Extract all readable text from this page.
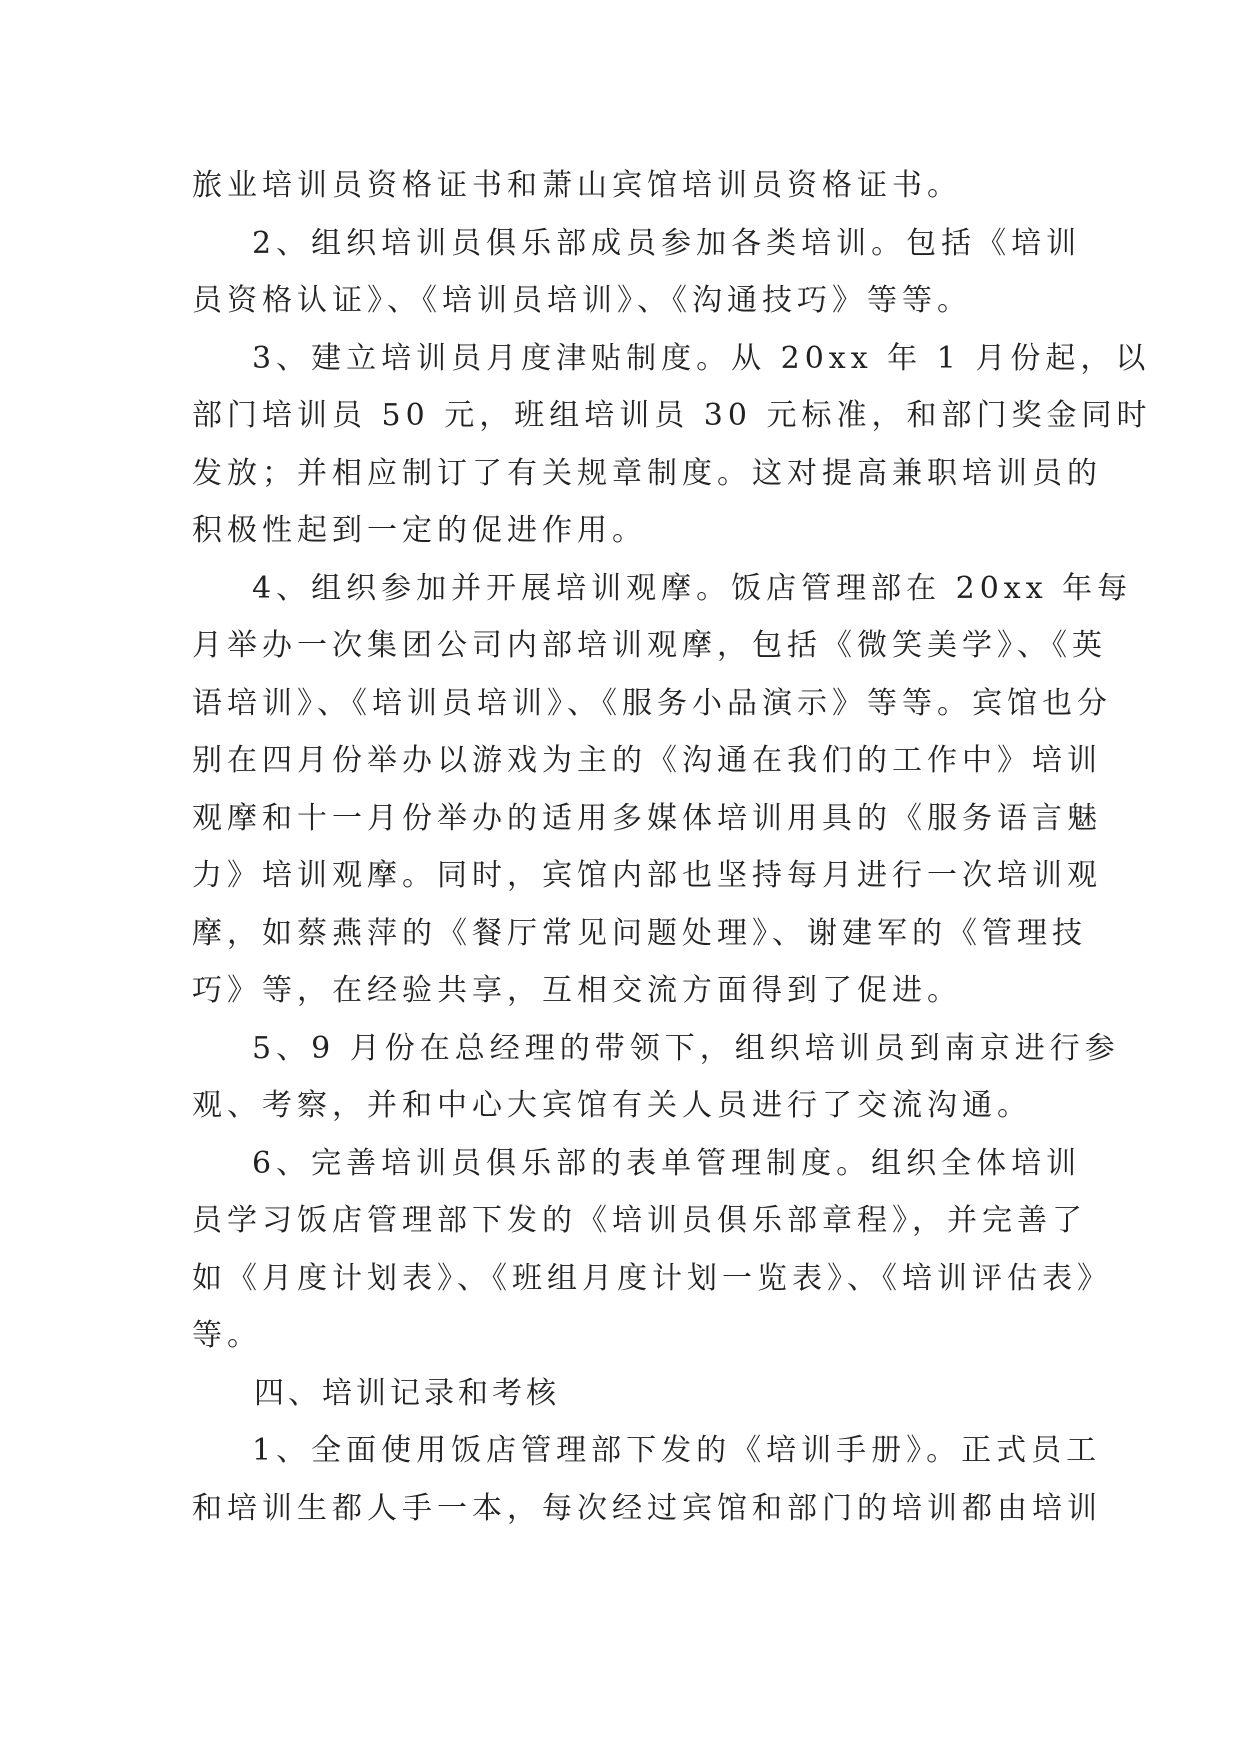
旅业培训员资格证书和萧山宾馆培训员资格证书。
2、组织培训员俱乐部成员参加各类培训。包括《培训
员资格认证》、《培训员培训》、《沟通技巧》等等。
3、建立培训员月度津贴制度。从 20xx 年 1 月份起，以
部门培训员 50 元，班组培训员 30 元标准，和部门奖金同时
发放；并相应制订了有关规章制度。这对提高兼职培训员的
积极性起到一定的促进作用。
4、组织参加并开展培训观摩。饭店管理部在 20xx 年每
月举办一次集团公司内部培训观摩，包括《微笑美学》、《英
语培训》、《培训员培训》、《服务小品演示》等等。宾馆也分
别在四月份举办以游戏为主的《沟通在我们的工作中》培训
观摩和十一月份举办的适用多媒体培训用具的《服务语言魅
力》培训观摩。同时，宾馆内部也坚持每月进行一次培训观
摩，如蔡燕萍的《餐厅常见问题处理》、谢建军的《管理技
巧》等，在经验共享，互相交流方面得到了促进。
5、9 月份在总经理的带领下，组织培训员到南京进行参
观、考察，并和中心大宾馆有关人员进行了交流沟通。
6、完善培训员俱乐部的表单管理制度。组织全体培训
员学习饭店管理部下发的《培训员俱乐部章程》，并完善了
如《月度计划表》、《班组月度计划一览表》、《培训评估表》
等。
四、培训记录和考核
1、全面使用饭店管理部下发的《培训手册》。正式员工
和培训生都人手一本，每次经过宾馆和部门的培训都由培训
